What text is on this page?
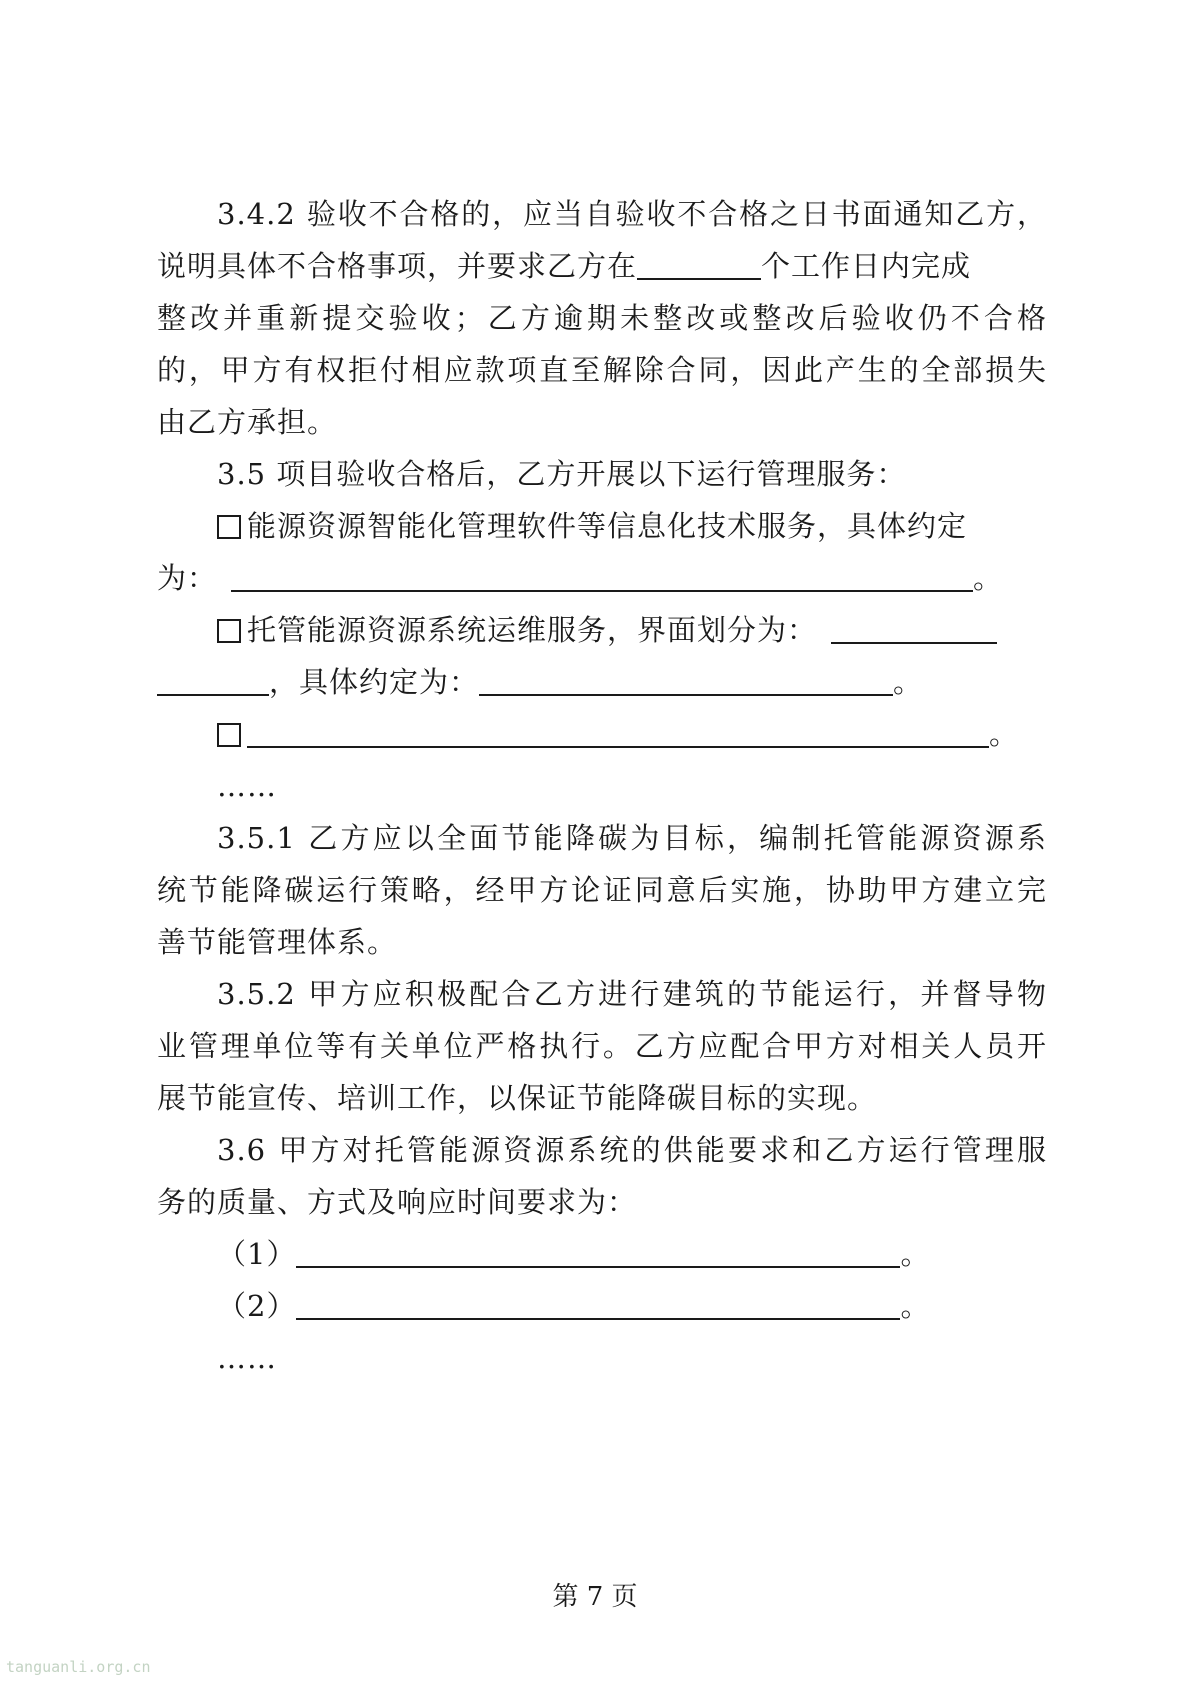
3.4.2 验收不合格的，应当自验收不合格之日书面通知乙方，
说明具体不合格事项，并要求乙方在	个工作日内完成
整改并重新提交验收；乙方逾期未整改或整改后验收仍不合格
的，甲方有权拒付相应款项直至解除合同，因此产生的全部损失
由乙方承担。
3.5 项目验收合格后，乙方开展以下运行管理服务：
能源资源智能化管理软件等信息化技术服务，具体约定
为：	。
托管能源资源系统运维服务，界面划分为：
，具体约定为：	。
。
……
3.5.1 乙方应以全面节能降碳为目标，编制托管能源资源系
统节能降碳运行策略，经甲方论证同意后实施，协助甲方建立完
善节能管理体系。
3.5.2 甲方应积极配合乙方进行建筑的节能运行，并督导物
业管理单位等有关单位严格执行。乙方应配合甲方对相关人员开
展节能宣传、培训工作，以保证节能降碳目标的实现。
3.6 甲方对托管能源资源系统的供能要求和乙方运行管理服
务的质量、方式及响应时间要求为：
（1）	。
（2）	。
……
第 7 页
tanguanli.org.cn
